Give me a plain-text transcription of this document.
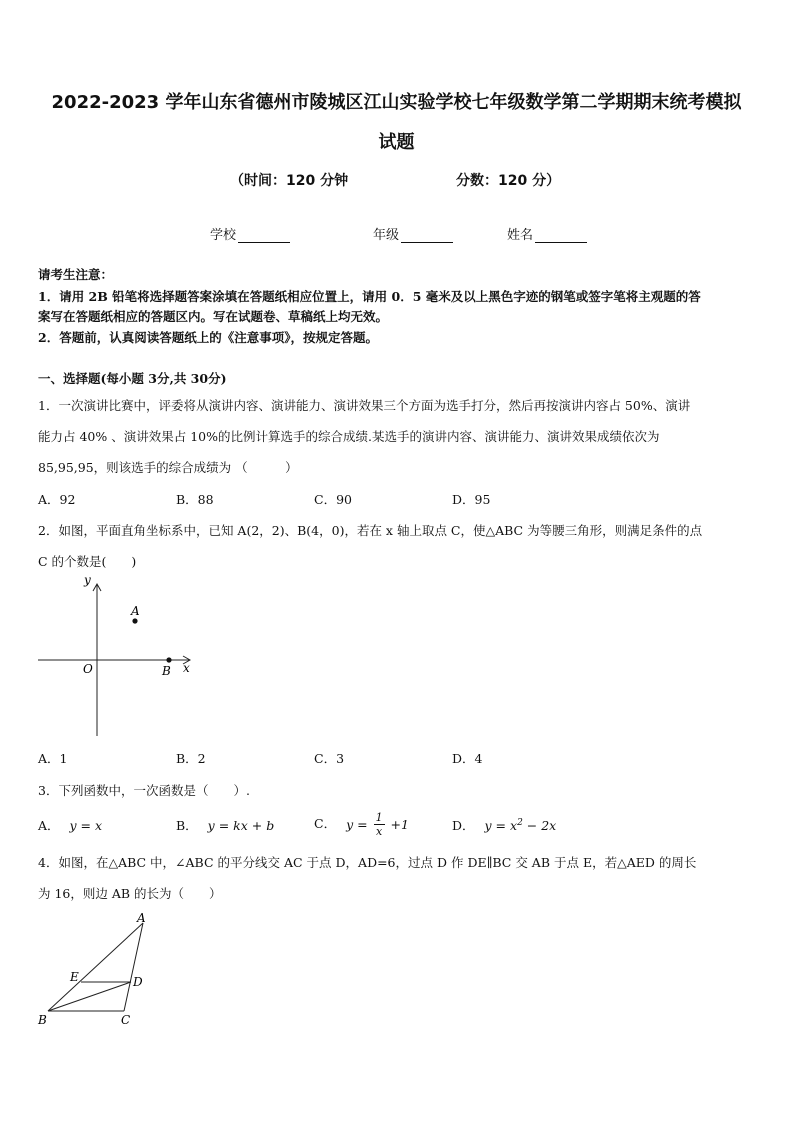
2022-2023 学年山东省德州市陵城区江山实验学校七年级数学第二学期期末统考模拟
试题
（时间：120 分钟	分数：120 分）
学校	年级	姓名
请考生注意：
1．请用 2B 铅笔将选择题答案涂填在答题纸相应位置上，请用 0．5 毫米及以上黑色字迹的钢笔或签字笔将主观题的答
案写在答题纸相应的答题区内。写在试题卷、草稿纸上均无效。
2．答题前，认真阅读答题纸上的《注意事项》，按规定答题。
一、选择题(每小题 3分,共 30分)
1．一次演讲比赛中，评委将从演讲内容、演讲能力、演讲效果三个方面为选手打分，然后再按演讲内容占 50%、演讲
能力占 40% 、演讲效果占 10%的比例计算选手的综合成绩.某选手的演讲内容、演讲能力、演讲效果成绩依次为
85,95,95，则该选手的综合成绩为 （　　　）
A．92	B．88	C．90	D．95
2．如图，平面直角坐标系中，已知 A(2，2)、B(4，0)，若在 x 轴上取点 C，使△ABC 为等腰三角形，则满足条件的点
C 的个数是(　　)
y
x
O
A
B
A．1	B．2	C．3	D．4
3．下列函数中，一次函数是（　　）.
A． y = x	B． y = kx + b	C． $y = \frac{1}{x} +1$	D． $y = x^2 - 2x$
4．如图，在△ABC 中，∠ABC 的平分线交 AC 于点 D，AD=6，过点 D 作 DE∥BC 交 AB 于点 E，若△AED 的周长
为 16，则边 AB 的长为（　　）
A
B	C
D
E
